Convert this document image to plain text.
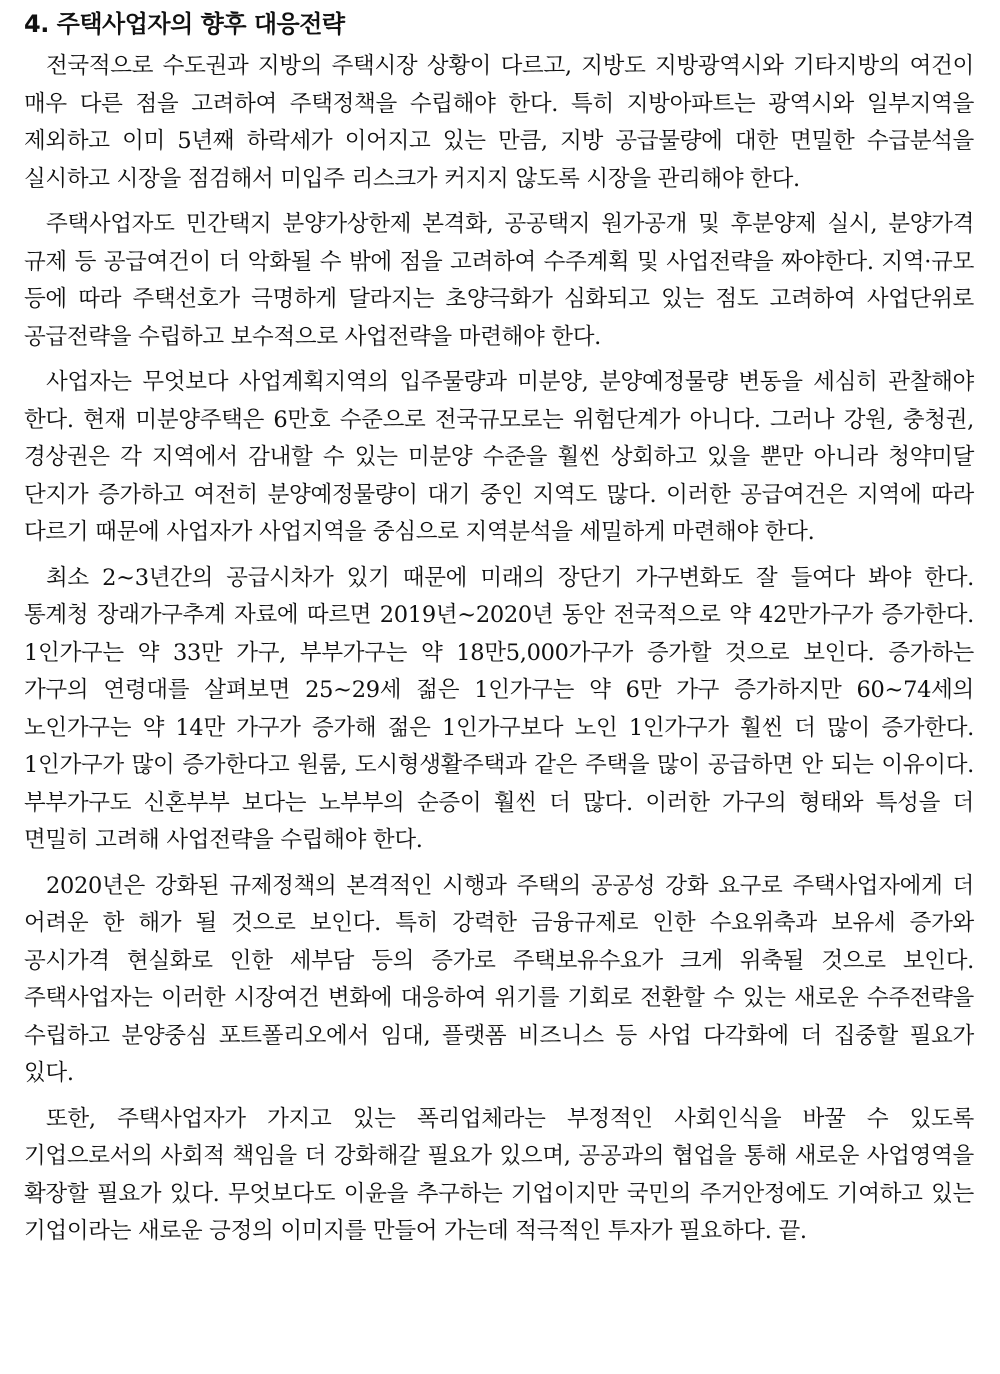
4. 주택사업자의 향후 대응전략

전국적으로 수도권과 지방의 주택시장 상황이 다르고, 지방도 지방광역시와 기타지방의 여건이 매우 다른 점을 고려하여 주택정책을 수립해야 한다. 특히 지방아파트는 광역시와 일부지역을 제외하고 이미 5년째 하락세가 이어지고 있는 만큼, 지방 공급물량에 대한 면밀한 수급분석을 실시하고 시장을 점검해서 미입주 리스크가 커지지 않도록 시장을 관리해야 한다.

주택사업자도 민간택지 분양가상한제 본격화, 공공택지 원가공개 및 후분양제 실시, 분양가격 규제 등 공급여건이 더 악화될 수 밖에 점을 고려하여 수주계획 및 사업전략을 짜야한다. 지역·규모 등에 따라 주택선호가 극명하게 달라지는 초양극화가 심화되고 있는 점도 고려하여 사업단위로 공급전략을 수립하고 보수적으로 사업전략을 마련해야 한다.

사업자는 무엇보다 사업계획지역의 입주물량과 미분양, 분양예정물량 변동을 세심히 관찰해야 한다. 현재 미분양주택은 6만호 수준으로 전국규모로는 위험단계가 아니다. 그러나 강원, 충청권, 경상권은 각 지역에서 감내할 수 있는 미분양 수준을 훨씬 상회하고 있을 뿐만 아니라 청약미달 단지가 증가하고 여전히 분양예정물량이 대기 중인 지역도 많다. 이러한 공급여건은 지역에 따라 다르기 때문에 사업자가 사업지역을 중심으로 지역분석을 세밀하게 마련해야 한다.

최소 2~3년간의 공급시차가 있기 때문에 미래의 장단기 가구변화도 잘 들여다 봐야 한다. 통계청 장래가구추계 자료에 따르면 2019년~2020년 동안 전국적으로 약 42만가구가 증가한다. 1인가구는 약 33만 가구, 부부가구는 약 18만5,000가구가 증가할 것으로 보인다. 증가하는 가구의 연령대를 살펴보면 25~29세 젊은 1인가구는 약 6만 가구 증가하지만 60~74세의 노인가구는 약 14만 가구가 증가해 젊은 1인가구보다 노인 1인가구가 훨씬 더 많이 증가한다. 1인가구가 많이 증가한다고 원룸, 도시형생활주택과 같은 주택을 많이 공급하면 안 되는 이유이다. 부부가구도 신혼부부 보다는 노부부의 순증이 훨씬 더 많다. 이러한 가구의 형태와 특성을 더 면밀히 고려해 사업전략을 수립해야 한다.

2020년은 강화된 규제정책의 본격적인 시행과 주택의 공공성 강화 요구로 주택사업자에게 더 어려운 한 해가 될 것으로 보인다. 특히 강력한 금융규제로 인한 수요위축과 보유세 증가와 공시가격 현실화로 인한 세부담 등의 증가로 주택보유수요가 크게 위축될 것으로 보인다. 주택사업자는 이러한 시장여건 변화에 대응하여 위기를 기회로 전환할 수 있는 새로운 수주전략을 수립하고 분양중심 포트폴리오에서 임대, 플랫폼 비즈니스 등 사업 다각화에 더 집중할 필요가 있다.

또한, 주택사업자가 가지고 있는 폭리업체라는 부정적인 사회인식을 바꿀 수 있도록 기업으로서의 사회적 책임을 더 강화해갈 필요가 있으며, 공공과의 협업을 통해 새로운 사업영역을 확장할 필요가 있다. 무엇보다도 이윤을 추구하는 기업이지만 국민의 주거안정에도 기여하고 있는 기업이라는 새로운 긍정의 이미지를 만들어 가는데 적극적인 투자가 필요하다. 끝.
